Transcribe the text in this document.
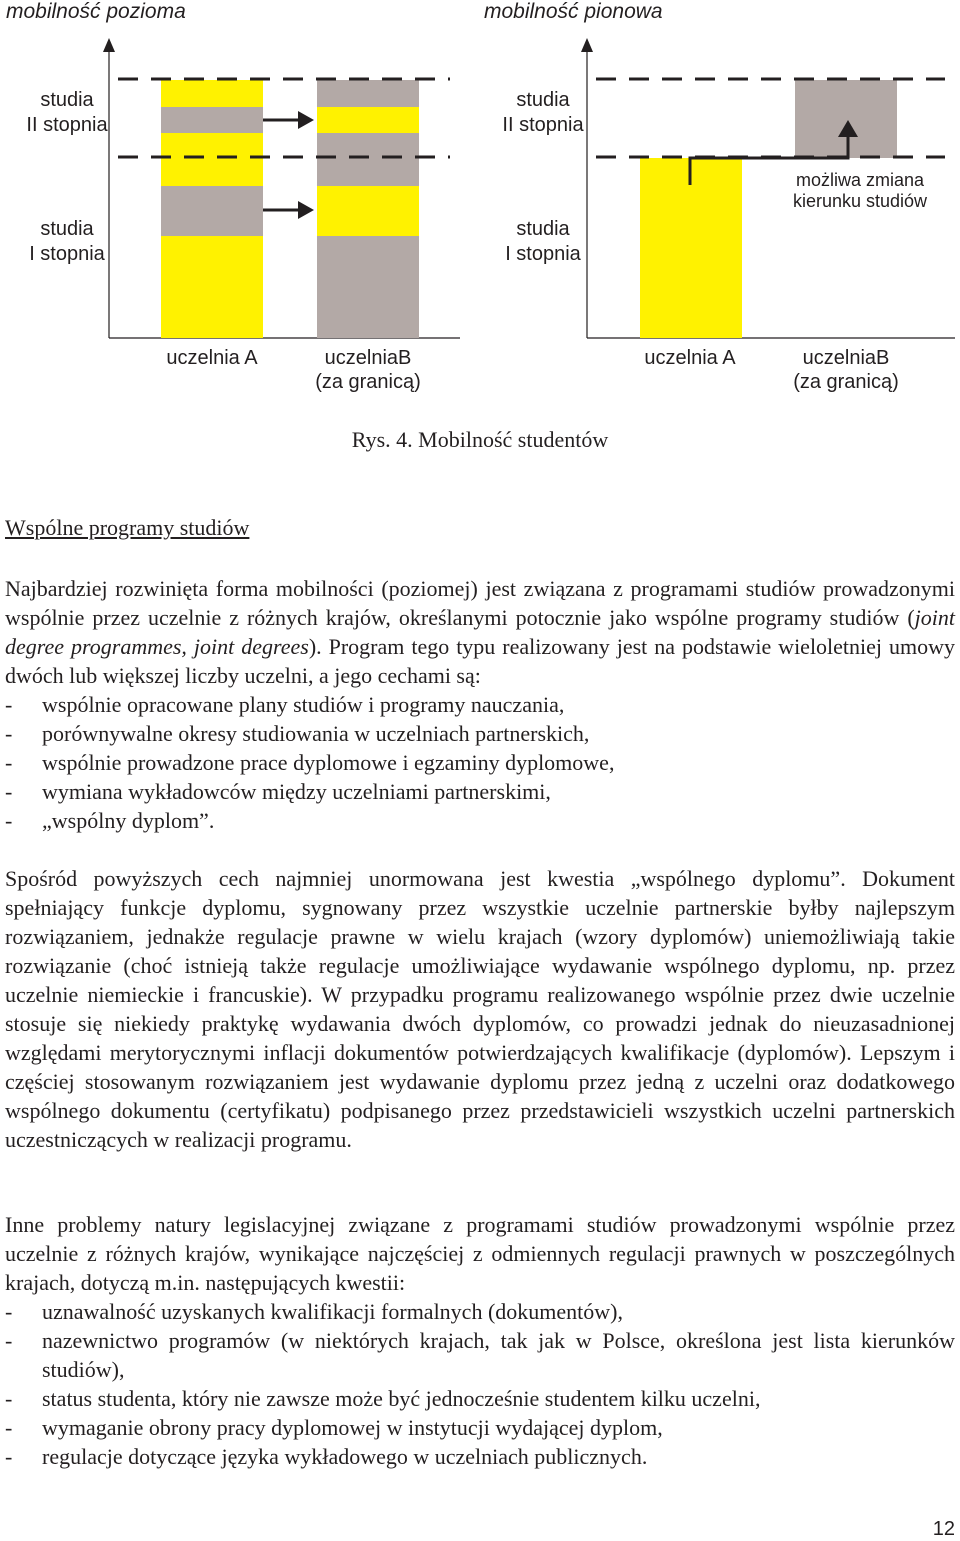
mobilność pozioma	mobilność pionowa
studia
II stopnia
studia
I stopnia
studia
II stopnia
studia
I stopnia
możliwa zmiana
kierunku studiów
uczelnia A	uczelniaB
(za granicą)
uczelnia A	uczelniaB
(za granicą)
Rys. 4. Mobilność studentów
Wspólne programy studiów

Najbardziej rozwinięta forma mobilności (poziomej) jest związana z programami studiów prowadzonymi wspólnie przez uczelnie z różnych krajów, określanymi potocznie jako wspólne programy studiów (joint degree programmes, joint degrees). Program tego typu realizowany jest na podstawie wieloletniej umowy dwóch lub większej liczby uczelni, a jego cechami są:

- wspólnie opracowane plany studiów i programy nauczania,
- porównywalne okresy studiowania w uczelniach partnerskich,
- wspólnie prowadzone prace dyplomowe i egzaminy dyplomowe,
- wymiana wykładowców między uczelniami partnerskimi,
- „wspólny dyplom”.

Spośród powyższych cech najmniej unormowana jest kwestia „wspólnego dyplomu”. Dokument spełniający funkcje dyplomu, sygnowany przez wszystkie uczelnie partnerskie byłby najlepszym rozwiązaniem, jednakże regulacje prawne w wielu krajach (wzory dyplomów) uniemożliwiają takie rozwiązanie (choć istnieją także regulacje umożliwiające wydawanie wspólnego dyplomu, np. przez uczelnie niemieckie i francuskie). W przypadku programu realizowanego wspólnie przez dwie uczelnie stosuje się niekiedy praktykę wydawania dwóch dyplomów, co prowadzi jednak do nieuzasadnionej względami merytorycznymi inflacji dokumentów potwierdzających kwalifikacje (dyplomów). Lepszym i częściej stosowanym rozwiązaniem jest wydawanie dyplomu przez jedną z uczelni oraz dodatkowego wspólnego dokumentu (certyfikatu) podpisanego przez przedstawicieli wszystkich uczelni partnerskich uczestniczących w realizacji programu.

Inne problemy natury legislacyjnej związane z programami studiów prowadzonymi wspólnie przez uczelnie z różnych krajów, wynikające najczęściej z odmiennych regulacji prawnych w poszczególnych krajach, dotyczą m.in. następujących kwestii:

- uznawalność uzyskanych kwalifikacji formalnych (dokumentów),
- nazewnictwo programów (w niektórych krajach, tak jak w Polsce, określona jest lista kierunków studiów),
- status studenta, który nie zawsze może być jednocześnie studentem kilku uczelni,
- wymaganie obrony pracy dyplomowej w instytucji wydającej dyplom,
- regulacje dotyczące języka wykładowego w uczelniach publicznych.
12
